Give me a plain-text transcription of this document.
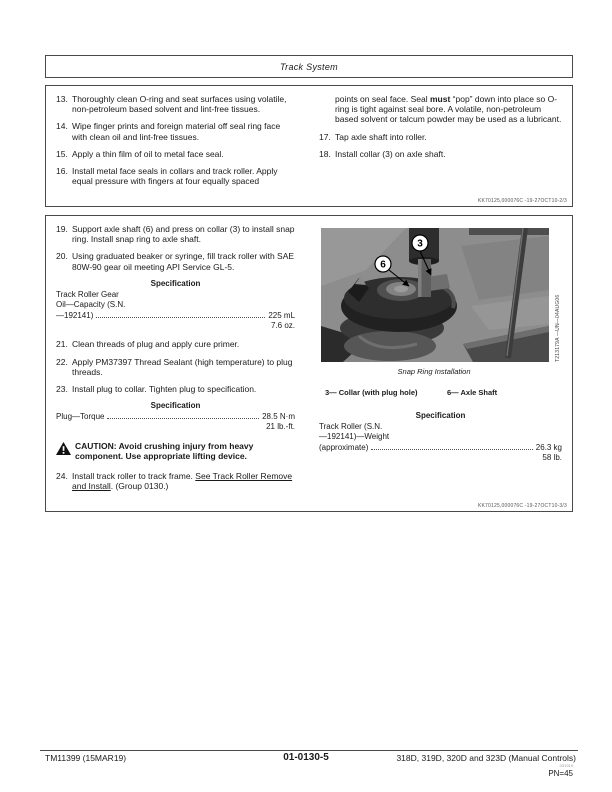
Track System
13. Thoroughly clean O-ring and seat surfaces using volatile, non-petroleum based solvent and lint-free tissues.
14. Wipe finger prints and foreign material off seal ring face with clean oil and lint-free tissues.
15. Apply a thin film of oil to metal face seal.
16. Install metal face seals in collars and track roller. Apply equal pressure with fingers at four equally spaced
points on seal face. Seal must “pop” down into place so O-ring is tight against seal bore. A volatile, non-petroleum based solvent or talcum powder may be used as a lubricant.
17. Tap axle shaft into roller.
18. Install collar (3) on axle shaft.
KK70125,000076C -19-27OCT10-2/3
19. Support axle shaft (6) and press on collar (3) to install snap ring. Install snap ring to axle shaft.
20. Using graduated beaker or syringe, fill track roller with SAE 80W-90 gear oil meeting API Service GL-5.
Specification
Track Roller Gear
Oil—Capacity (S.N.
—192141)	225 mL
7.6 oz.
21. Clean threads of plug and apply cure primer.
22. Apply PM37397 Thread Sealant (high temperature) to plug threads.
23. Install plug to collar. Tighten plug to specification.
Specification
Plug—Torque	28.5 N·m
21 lb.-ft.
CAUTION: Avoid crushing injury from heavy component. Use appropriate lifting device.
24. Install track roller to track frame. See Track Roller Remove and Install. (Group 0130.)
3
6
T213179A —UN—04AUG06
Snap Ring Installation
3— Collar (with plug hole)	6— Axle Shaft
Specification
Track Roller (S.N.
—192141)—Weight
(approximate)	26.3 kg
58 lb.
KK70125,000076C -19-27OCT10-3/3
TM11399 (15MAR19)	01-0130-5	318D, 319D, 320D and 323D (Manual Controls)
031919
PN=45
